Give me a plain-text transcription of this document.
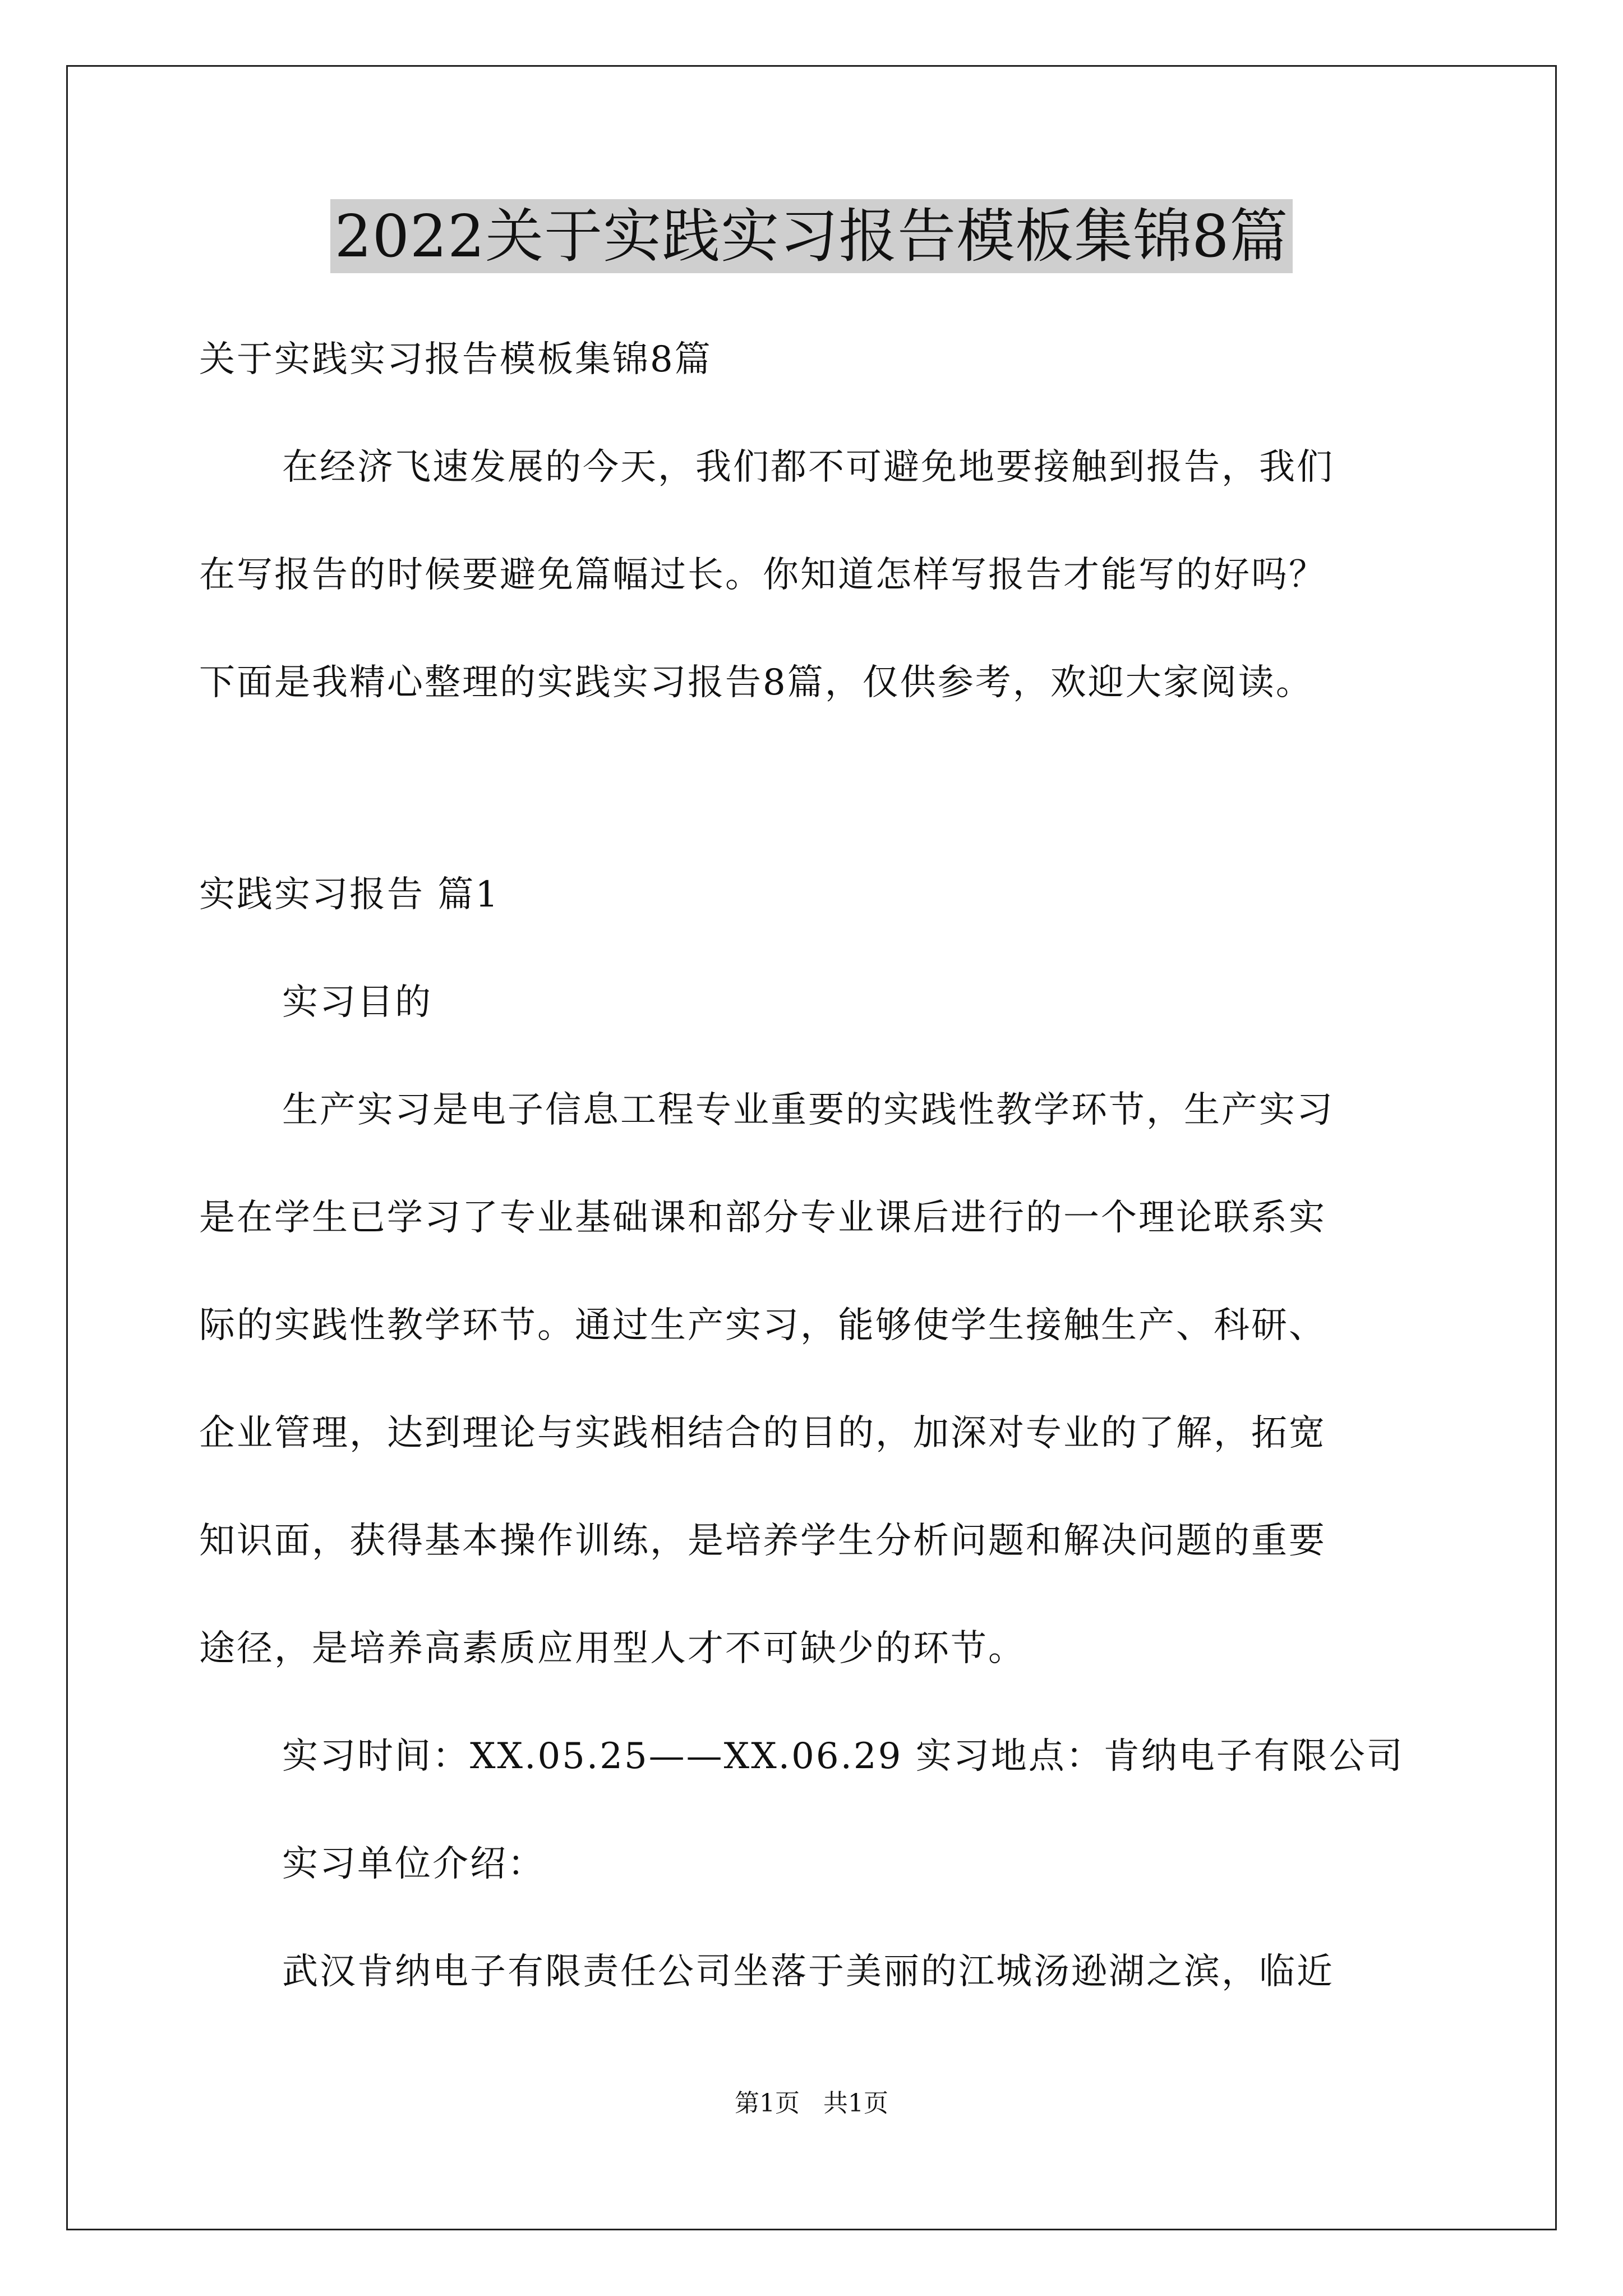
2022关于实践实习报告模板集锦8篇
关于实践实习报告模板集锦8篇
在经济飞速发展的今天，我们都不可避免地要接触到报告，我们
在写报告的时候要避免篇幅过长。你知道怎样写报告才能写的好吗？
下面是我精心整理的实践实习报告8篇，仅供参考，欢迎大家阅读。
实践实习报告 篇1
实习目的
生产实习是电子信息工程专业重要的实践性教学环节，生产实习
是在学生已学习了专业基础课和部分专业课后进行的一个理论联系实
际的实践性教学环节。通过生产实习，能够使学生接触生产、科研、
企业管理，达到理论与实践相结合的目的，加深对专业的了解，拓宽
知识面，获得基本操作训练，是培养学生分析问题和解决问题的重要
途径，是培养高素质应用型人才不可缺少的环节。
实习时间：XX.05.25——XX.06.29 实习地点：肯纳电子有限公司
实习单位介绍：
武汉肯纳电子有限责任公司坐落于美丽的江城汤逊湖之滨，临近
第1页   共1页
